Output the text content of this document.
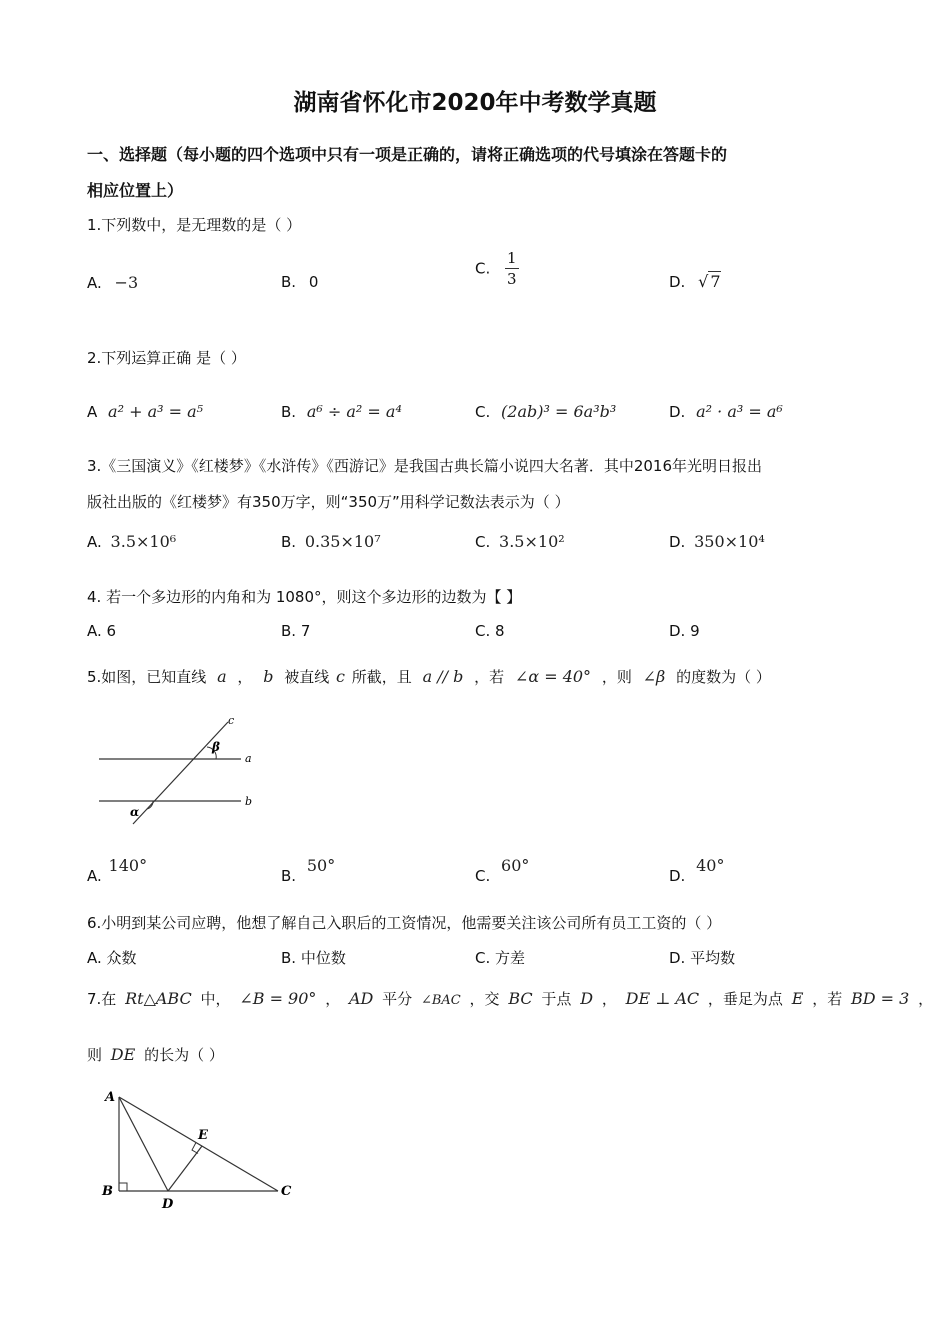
湖南省怀化市2020年中考数学真题
一、选择题（每小题的四个选项中只有一项是正确的，请将正确选项的代号填涂在答题卡的
相应位置上）
1.下列数中，是无理数的是（ ）
A. −3	B. 0
C. $\frac{1}{3}$	D. √ 7
2.下列运算正确 是（ ）
A a² + a³ = a⁵	B. a⁶ ÷ a² = a⁴	C. (2ab)³ = 6a³b³	D. a² · a³ = a⁶
3.《三国演义》《红楼梦》《水浒传》《西游记》是我国古典长篇小说四大名著．其中2016年光明日报出
版社出版的《红楼梦》有350万字，则“350万”用科学记数法表示为（ ）
A. 3.5×10⁶	B. 0.35×10⁷	C. 3.5×10²	D. 350×10⁴
4. 若一个多边形的内角和为 1080°，则这个多边形的边数为【 】
A. 6	B. 7	C. 8	D. 9
5.如图，已知直线 a ， b 被直线 c 所截，且 a // b ，若 ∠α = 40° ，则 ∠β 的度数为（ ）
c
β
a
b
α
A. 140°
B. 50°
C. 60°
D. 40°
6.小明到某公司应聘，他想了解自己入职后的工资情况，他需要关注该公司所有员工工资的（ ）
A. 众数	B. 中位数	C. 方差	D. 平均数
7.在 Rt△ABC 中， ∠B = 90° ， AD 平分 ∠BAC ，交 BC 于点 D ， DE ⊥ AC ，垂足为点 E ，若 BD = 3 ，
则 DE 的长为（ ）
A
E
B
D
C
